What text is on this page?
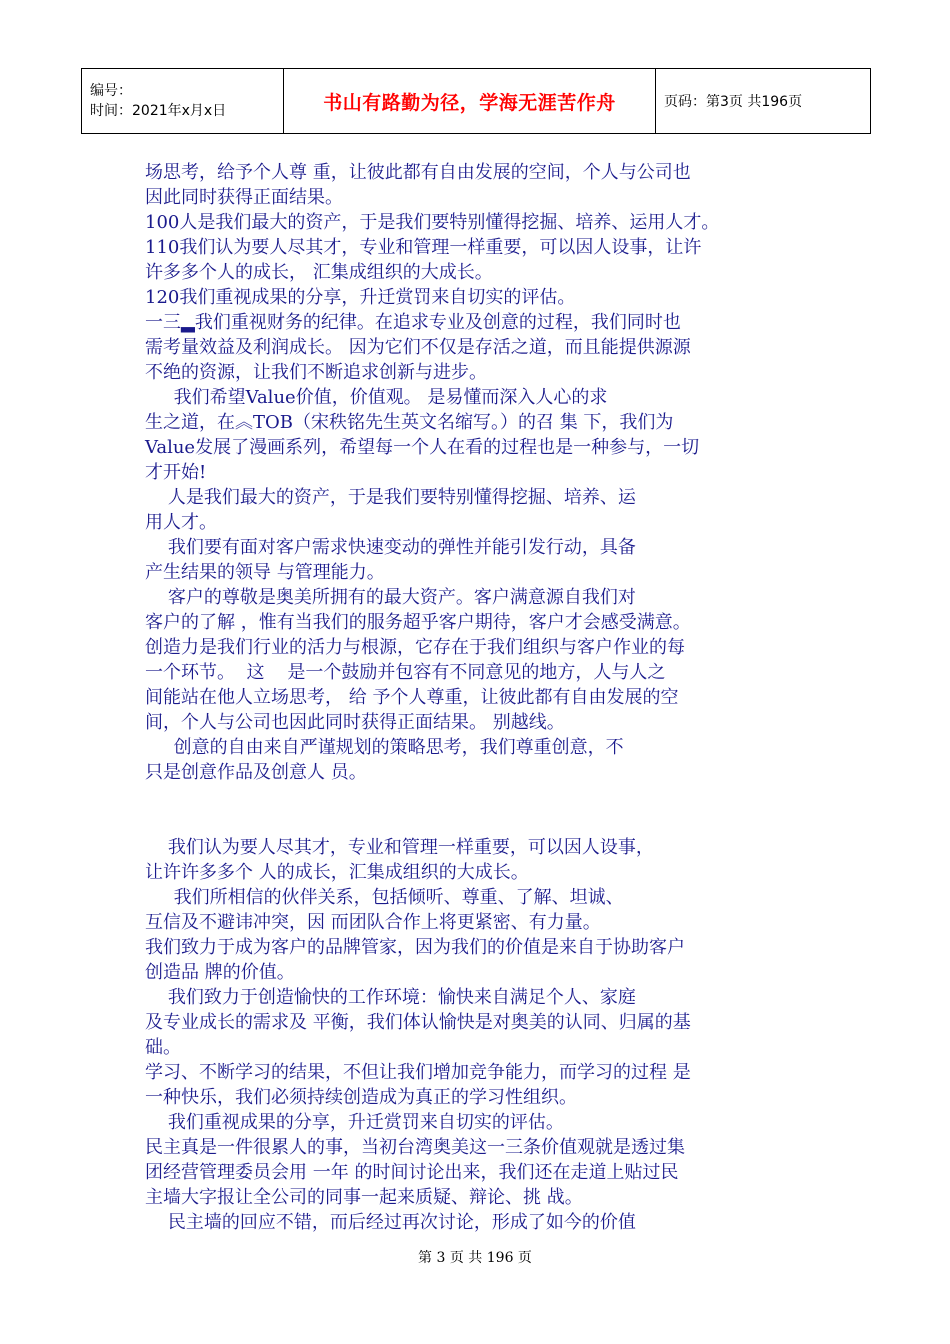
编号：
时间：2021年x月x日	书山有路勤为径，学海无涯苦作舟	页码：第3页 共196页
场思考，给予个人尊 重，让彼此都有自由发展的空间，个人与公司也
因此同时获得正面结果。
100人是我们最大的资产，于是我们要特别懂得挖掘、培养、运用人才。
110我们认为要人尽其才，专业和管理一样重要，可以因人设事，让许
许多多个人的成长， 汇集成组织的大成长。
120我们重视成果的分享，升迁赏罚来自切实的评估。
一三▂我们重视财务的纪律。在追求专业及创意的过程，我们同时也
需考量效益及利润成长。 因为它们不仅是存活之道，而且能提供源源
不绝的资源，让我们不断追求创新与进步。
我们希望Value价值，价值观。 是易懂而深入人心的求
生之道，在︽TOB（宋秩铭先生英文名缩写。）的召 集 下，我们为
Value发展了漫画系列，希望每一个人在看的过程也是一种参与，一切
才开始!
人是我们最大的资产，于是我们要特别懂得挖掘、培养、运
用人才。
我们要有面对客户需求快速变动的弹性并能引发行动，具备
产生结果的领导 与管理能力。
客户的尊敬是奥美所拥有的最大资产。客户满意源自我们对
客户的了解 ，惟有当我们的服务超乎客户期待，客户才会感受满意。
创造力是我们行业的活力与根源，它存在于我们组织与客户作业的每
一个环节。  这    是一个鼓励并包容有不同意见的地方，人与人之
间能站在他人立场思考， 给 予个人尊重，让彼此都有自由发展的空
间，个人与公司也因此同时获得正面结果。 别越线。
创意的自由来自严谨规划的策略思考，我们尊重创意，不
只是创意作品及创意人 员。
我们认为要人尽其才，专业和管理一样重要，可以因人设事，
让许许多多个 人的成长，汇集成组织的大成长。
我们所相信的伙伴关系，包括倾听、尊重、了解、坦诚、
互信及不避讳冲突，因 而团队合作上将更紧密、有力量。
我们致力于成为客户的品牌管家，因为我们的价值是来自于协助客户
创造品 牌的价值。
我们致力于创造愉快的工作环境：愉快来自满足个人、家庭
及专业成长的需求及 平衡，我们体认愉快是对奥美的认同、归属的基
础。
学习、不断学习的结果，不但让我们增加竞争能力，而学习的过程 是
一种快乐，我们必须持续创造成为真正的学习性组织。
我们重视成果的分享，升迁赏罚来自切实的评估。
民主真是一件很累人的事，当初台湾奥美这一三条价值观就是透过集
团经营管理委员会用 一年 的时间讨论出来，我们还在走道上贴过民
主墙大字报让全公司的同事一起来质疑、辩论、挑 战。
民主墙的回应不错，而后经过再次讨论，形成了如今的价值
第 3 页 共 196 页
